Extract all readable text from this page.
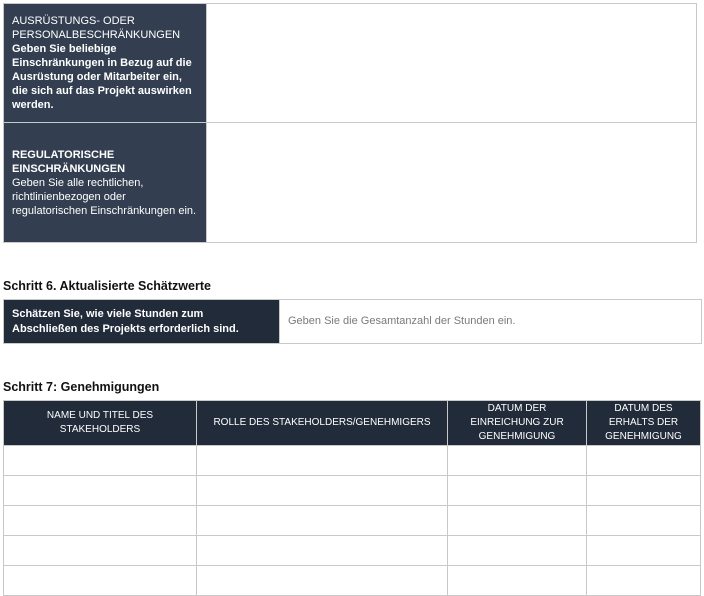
AUSRÜSTUNGS- ODER PERSONALBESCHRÄNKUNGEN
Geben Sie beliebige Einschränkungen in Bezug auf die Ausrüstung oder Mitarbeiter ein, die sich auf das Projekt auswirken werden.	

REGULATORISCHE EINSCHRÄNKUNGEN
Geben Sie alle rechtlichen, richtlinienbezogen oder regulatorischen Einschränkungen ein.	
Schritt 6. Aktualisierte Schätzwerte
Schätzen Sie, wie viele Stunden zum Abschließen des Projekts erforderlich sind.	Geben Sie die Gesamtanzahl der Stunden ein.
Schritt 7: Genehmigungen
NAME UND TITEL DES STAKEHOLDERS	ROLLE DES STAKEHOLDERS/GENEHMIGERS	DATUM DER EINREICHUNG ZUR GENEHMIGUNG	DATUM DES ERHALTS DER GENEHMIGUNG
